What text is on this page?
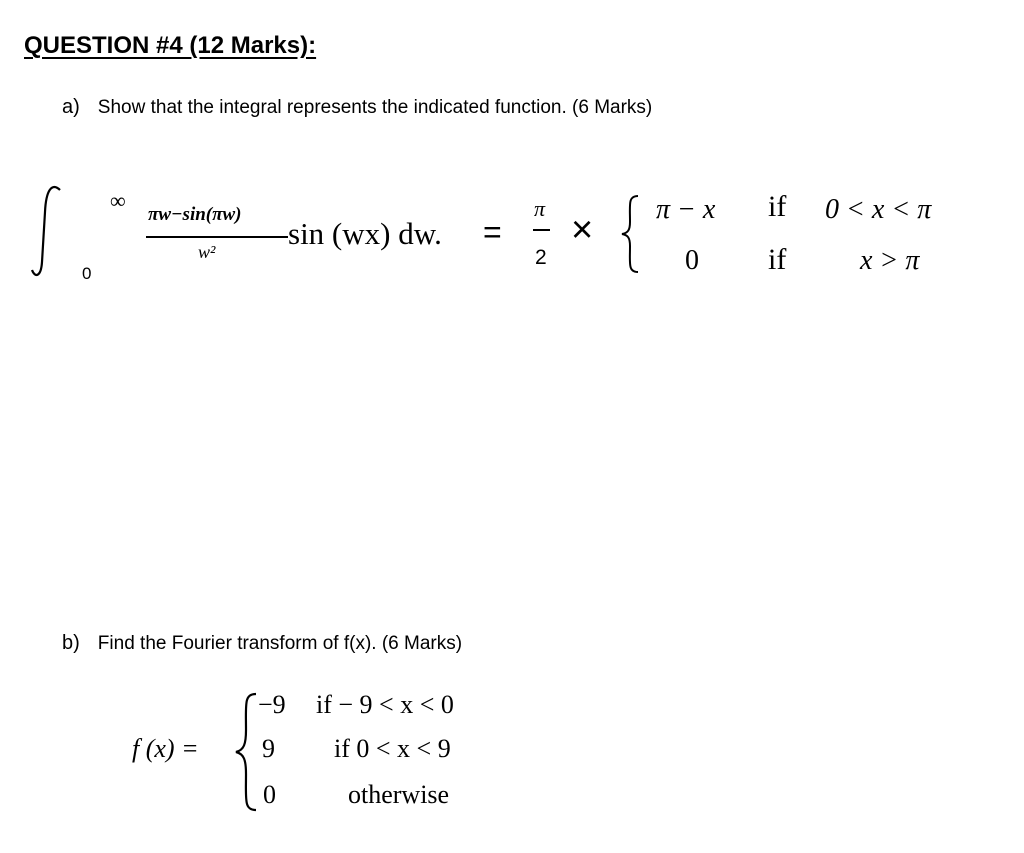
QUESTION #4 (12 Marks):
a) Show that the integral represents the indicated function. (6 Marks)
∞
0
πw−sin(πw)
w²
sin (wx) dw. =
π
2
× π − x if 0 < x < π
0 if	x > π
b) Find the Fourier transform of f(x). (6 Marks)
f (x) =
−9 if − 9 < x < 0
9 if 0 < x < 9
0	otherwise
